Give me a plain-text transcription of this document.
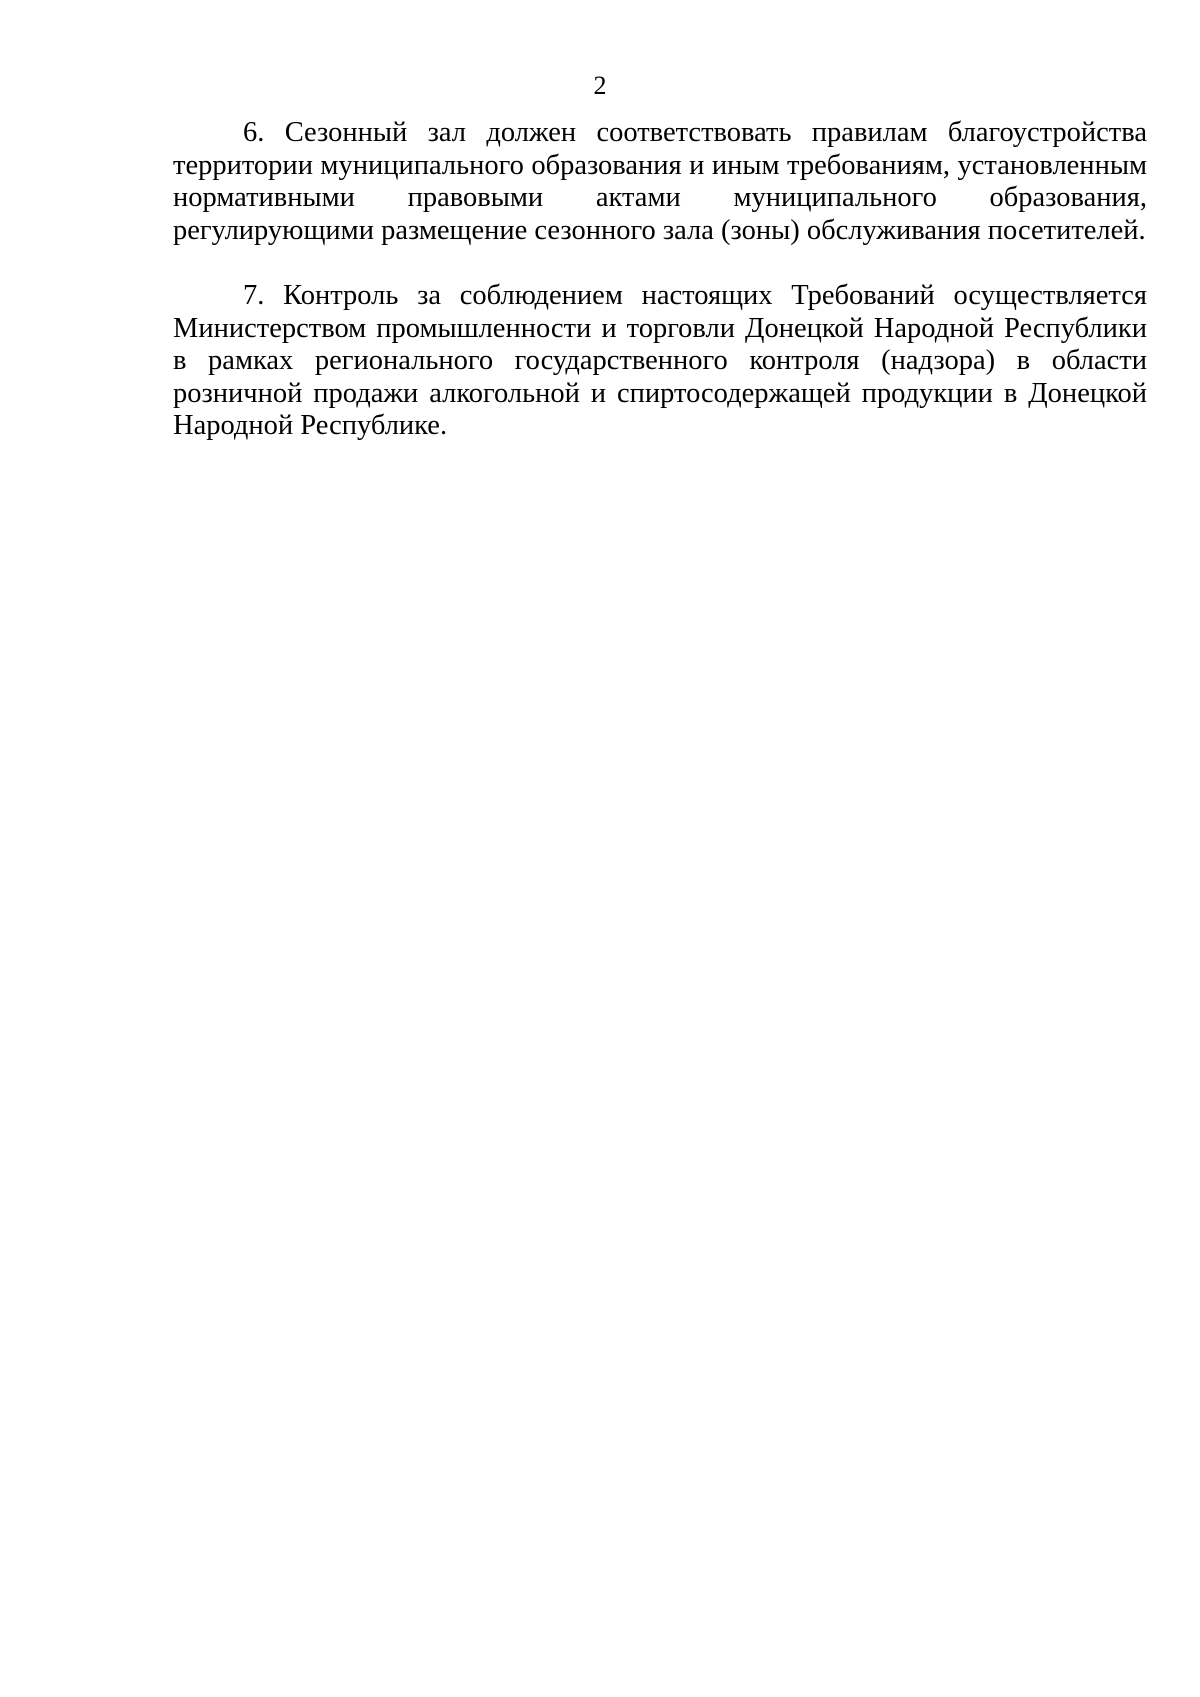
2

6. Сезонный зал должен соответствовать правилам благоустройства
территории муниципального образования и иным требованиям, установленным
нормативными правовыми актами муниципального образования,
регулирующими размещение сезонного зала (зоны) обслуживания посетителей.

7. Контроль за соблюдением настоящих Требований осуществляется
Министерством промышленности и торговли Донецкой Народной Республики
в рамках регионального государственного контроля (надзора) в области
розничной продажи алкогольной и спиртосодержащей продукции в Донецкой
Народной Республике.
